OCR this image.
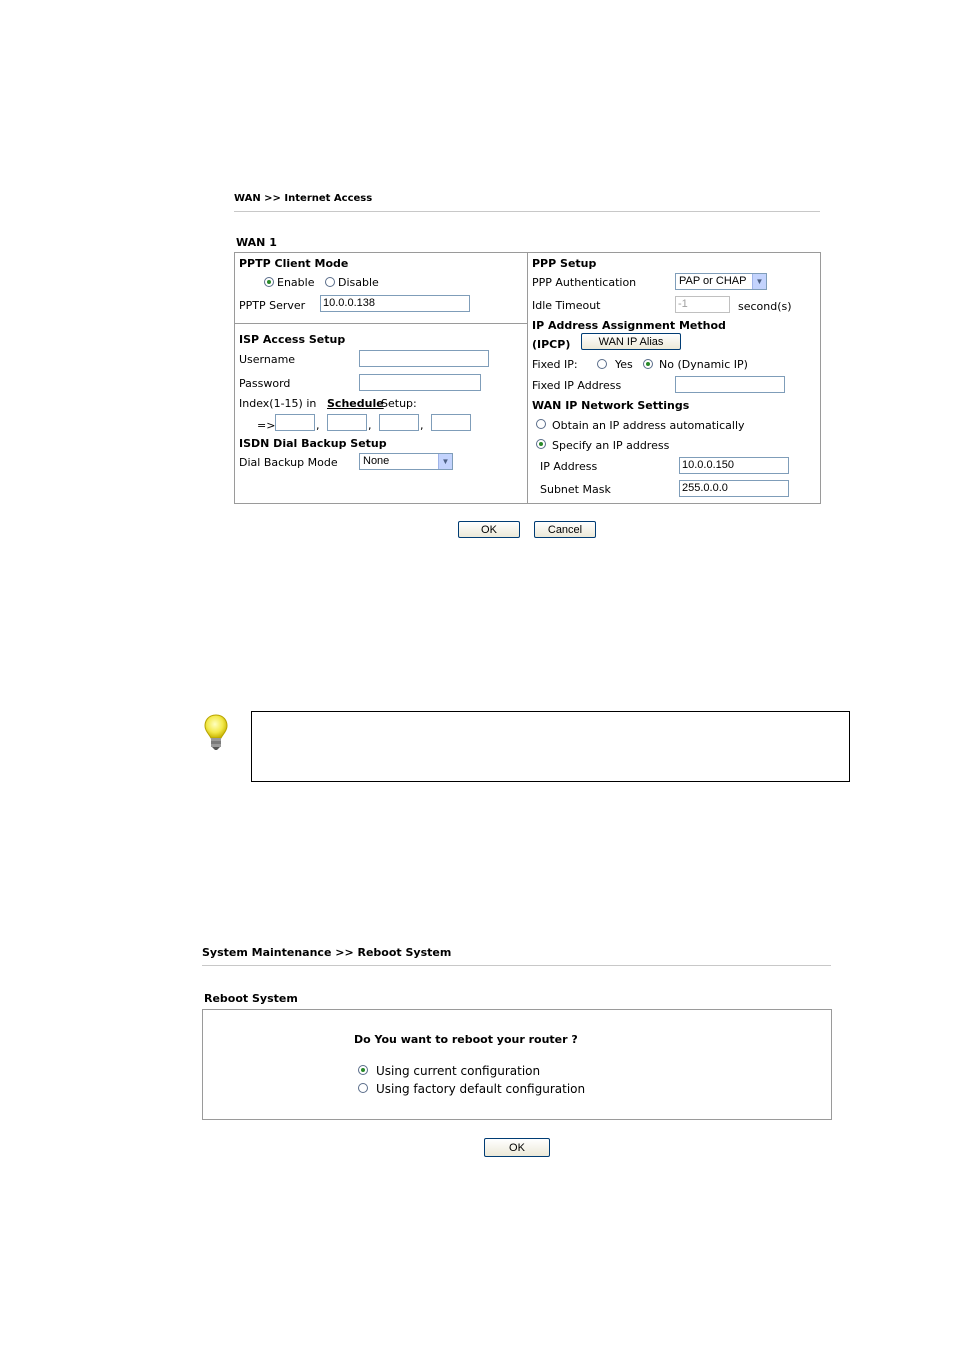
WAN >> Internet Access
WAN 1
PPTP Client Mode
Enable Disable
PPTP Server 10.0.0.138
ISP Access Setup
Username
Password
Index(1-15) in Schedule
Setup:
=>	,	,	,
ISDN Dial Backup Setup
Dial Backup Mode	None	▼
PPP Setup
PPP Authentication	PAP or CHAP	▼
Idle Timeout	-1	second(s)
IP Address Assignment Method
(IPCP)	WAN IP Alias
Fixed IP:	Yes No (Dynamic IP)
Fixed IP Address
WAN IP Network Settings
Obtain an IP address automatically
Specify an IP address
IP Address	10.0.0.150
Subnet Mask	255.0.0.0
OK	Cancel
System Maintenance >> Reboot System
Reboot System
Do You want to reboot your router ?
Using current configuration
Using factory default configuration
OK
